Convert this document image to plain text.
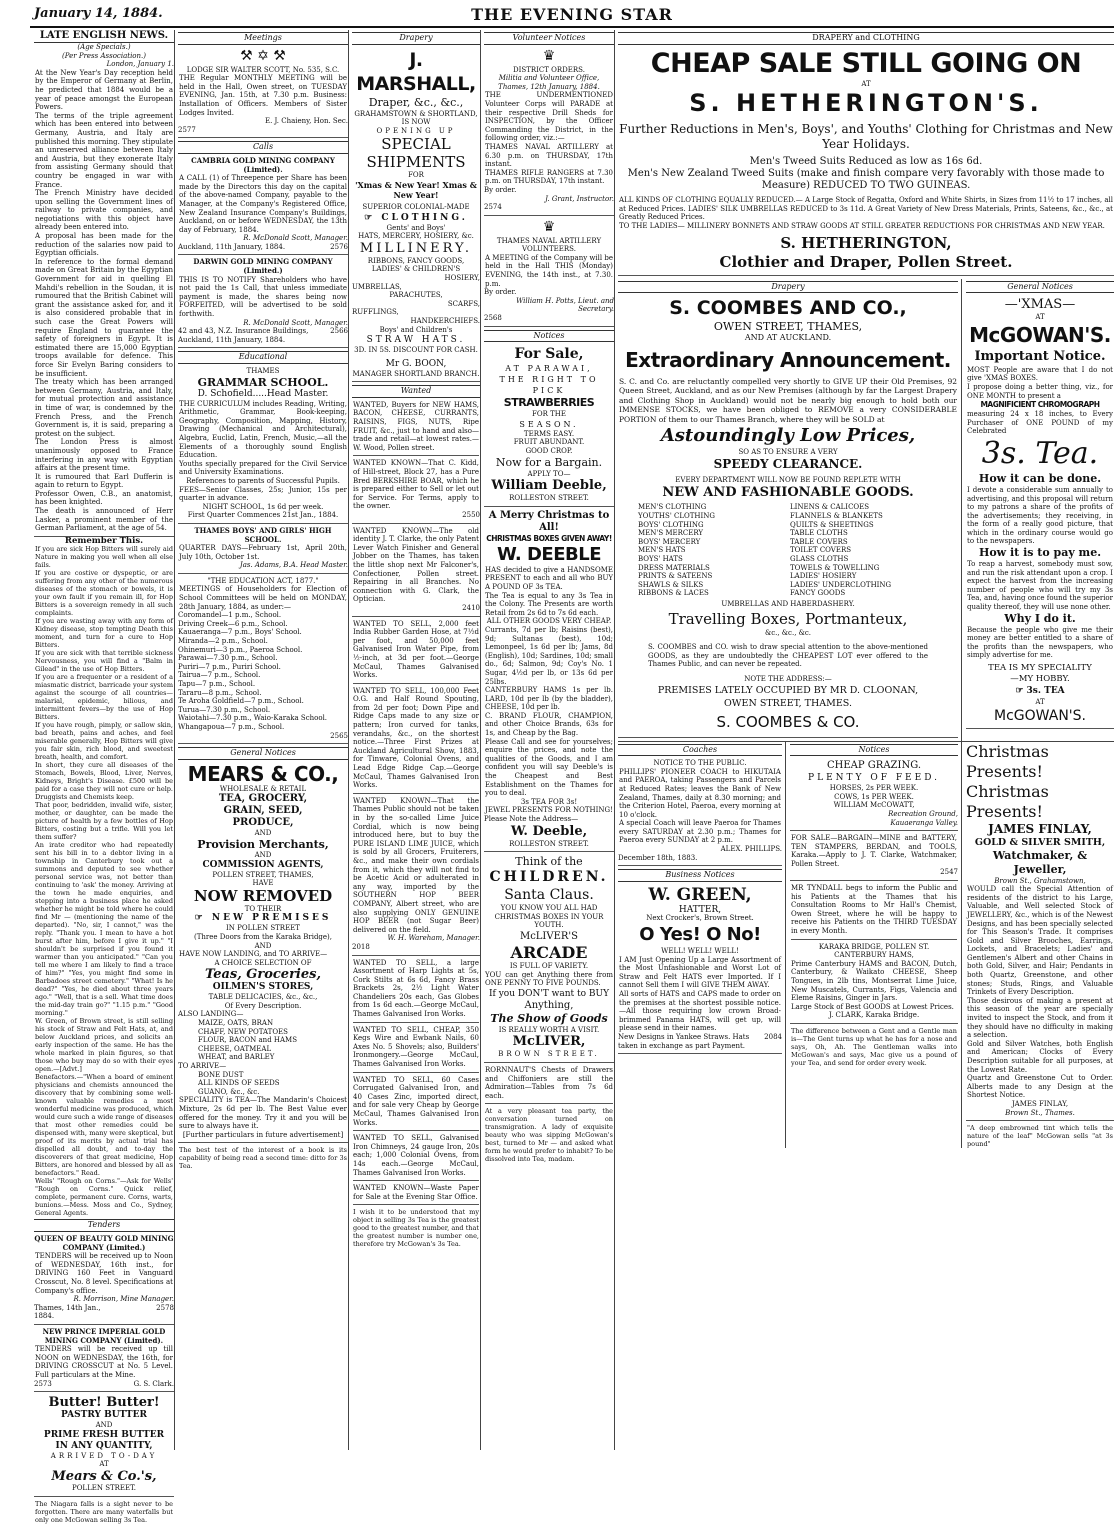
January 14, 1884.	THE EVENING STAR
LATE ENGLISH NEWS.
(Age Specials.)
(Per Press Association.)
London, January 1.
At the New Year's Day reception held by the Emperor of Germany at Berlin, he predicted that 1884 would be a year of peace amongst the European Powers.
The terms of the triple agreement which has been entered into between Germany, Austria, and Italy are published this morning. They stipulate an unreserved alliance between Italy and Austria, but they exonerate Italy from assisting Germany should that country be engaged in war with France.
The French Ministry have decided upon selling the Government lines of railway to private companies, and negotiations with this object have already been entered into.
A proposal has been made for the reduction of the salaries now paid to Egyptian officials.
In reference to the formal demand made on Great Britain by the Egyptian Government for aid in quelling El Mahdi's rebellion in the Soudan, it is rumoured that the British Cabinet will grant the assistance asked for, and it is also considered probable that in such case the Great Powers will require England to guarantee the safety of foreigners in Egypt. It is estimated there are 15,000 Egyptian troops available for defence. This force Sir Evelyn Baring considers to be insufficient.
The treaty which has been arranged between Germany, Austria, and Italy, for mutual protection and assistance in time of war, is condemned by the French Press, and the French Government is, it is said, preparing a protest on the subject.
The London Press is almost unanimously opposed to France interfering in any way with Egyptian affairs at the present time.
It is rumoured that Earl Dufferin is again to return to Egypt.
Professor Owen, C.B., an anatomist, has been knighted.
The death is announced of Herr Lasker, a prominent member of the German Parliament, at the age of 54.
Remember This.
If you are sick Hop Bitters will surely aid Nature in making you well when all else fails.
If you are costive or dyspeptic, or are suffering from any other of the numerous diseases of the stomach or bowels, it is your own fault if you remain ill, for Hop Bitters is a sovereign remedy in all such complaints.
If you are wasting away with any form of Kidney disease, stop tempting Death this moment, and turn for a cure to Hop Bitters.
If you are sick with that terrible sickness Nervousness, you will find a "Balm in Gilead" in the use of Hop Bitters.
If you are a frequenter or a resident of a miasmatic district, barricade your system against the scourge of all countries—malarial, epidemic, bilious, and intermittent fevers—by the use of Hop Bitters.
If you have rough, pimply, or sallow skin, bad breath, pains and aches, and feel miserable generally, Hop Bitters will give you fair skin, rich blood, and sweetest breath, health, and comfort.
In short, they cure all diseases of the Stomach, Bowels, Blood, Liver, Nerves, Kidneys, Bright's Disease. £500 will be paid for a case they will not cure or help. Druggists and Chemists keep.
That poor, bedridden, invalid wife, sister, mother, or daughter, can be made the picture of health by a few bottles of Hop Bitters, costing but a trifle. Will you let them suffer?
An irate creditor who had repeatedly sent his bill in to a debtor living in a township in Canterbury took out a summons and deputed to see whether personal service was, not better than continuing to 'ask' the money. Arriving at the town he made enquiries, and stepping into a business place he asked whether he might be told where he could find Mr — (mentioning the name of the departed). "No, sir, I cannot," was the reply. "Thank you. I mean to have a hot burst after him, before I give it up." "I shouldn't be surprised if you found it warmer than you anticipated." "Can you tell me where I am likely to find a trace of him?" "Yes, you might find some in Barbadoes street cemetery." "What! Is he dead?" "Yes, he died about three years ago." "Well, that is a sell. What time does the mid-day train go?" "1.15 p.m." "Good morning."
W. Green, of Brown street, is still selling his stock of Straw and Felt Hats, at, and below Auckland prices, and solicits an early inspection of the same. He has the whole marked in plain figures, so that those who buy may do so with their eyes open.—[Advt.]
Benefactors.—"When a board of eminent physicians and chemists announced the discovery that by combining some well-known valuable remedies a most wonderful medicine was produced, which would cure such a wide range of diseases that most other remedies could be dispensed with, many were skeptical, but proof of its merits by actual trial has dispelled all doubt, and to-day the discoverers of that great medicine, Hop Bitters, are honored and blessed by all as benefactors." Read.
Wells' "Rough on Corns."—Ask for Wells' "Rough on Corns." Quick relief, complete, permanent cure. Corns, warts, bunions.—Mess. Moss and Co., Sydney, General Agents.
Tenders
QUEEN OF BEAUTY GOLD MINING COMPANY (Limited.)
TENDERS will be received up to Noon of WEDNESDAY, 16th inst., for DRIVING 160 Feet in Vanguard Crosscut, No. 8 level. Specifications at Company's office.
R. Morrison, Mine Manager.
Thames, 14th Jan., 1884.
2578
NEW PRINCE IMPERIAL GOLD MINING COMPANY (Limited).
TENDERS will be received up till NOON on WEDNESDAY, the 16th, for DRIVING CROSSCUT at No. 5 Level. Full particulars at the Mine.
2573	G. S. Clark.
Butter! Butter!
PASTRY BUTTER
AND
PRIME FRESH BUTTER
IN ANY QUANTITY,
ARRIVED TO-DAY
AT
Mears & Co.'s,
POLLEN STREET.
The Niagara falls is a sight never to be forgotten. There are many waterfalls but only one McGowan selling 3s Tea.
Meetings
⚒ ✡ ⚒
LODGE SIR WALTER SCOTT, No. 535, S.C.
THE Regular MONTHLY MEETING will be held in the Hall, Owen street, on TUESDAY EVENING, Jan. 15th, at 7.30 p.m. Business: Installation of Officers. Members of Sister Lodges Invited.
E. J. Chaieny, Hon. Sec.
2577
Calls
CAMBRIA GOLD MINING COMPANY (Limited).
A CALL (1) of Threepence per Share has been made by the Directors this day on the capital of the above-named Company, payable to the Manager, at the Company's Registered Office, New Zealand Insurance Company's Buildings, Auckland, on or before WEDNESDAY, the 13th day of February, 1884.
R. McDonald Scott, Manager.
Auckland, 11th January, 1884.	2576
DARWIN GOLD MINING COMPANY (Limited.)
THIS IS TO NOTIFY Shareholders who have not paid the 1s Call, that unless immediate payment is made, the shares being now FORFEITED, will be advertised to be sold forthwith.
R. McDonald Scott, Manager.
42 and 43, N.Z. Insurance Buildings, Auckland, 11th January, 1884.
2566
Educational
THAMES
GRAMMAR SCHOOL.
D. Schofield.....Head Master.
THE CURRICULUM includes Reading, Writing, Arithmetic, Grammar, Book-keeping, Geography, Composition, Mapping, History, Drawing (Mechanical and Architectural), Algebra, Euclid, Latin, French, Music,—all the Elements of a thoroughly sound English Education.
Youths specially prepared for the Civil Service and University Examinations.
References to parents of Successful Pupils.
FEES—Senior Classes, 25s; Junior, 15s per quarter in advance.
NIGHT SCHOOL, 1s 6d per week.
First Quarter Commences 21st Jan., 1884.
THAMES BOYS' AND GIRLS' HIGH SCHOOL.
QUARTER DAYS—February 1st, April 20th, July 10th, October 1st.
Jas. Adams, B.A. Head Master.
"THE EDUCATION ACT, 1877."
MEETINGS of Householders for Election of School Committees will be held on MONDAY, 28th January, 1884, as under:—
Coromandel—1 p.m., School.
Driving Creek—6 p.m., School.
Kauaeranga—7 p.m., Boys' School.
Miranda—2 p.m., School.
Ohinemuri—3 p.m., Paeroa School.
Parawai—7.30 p.m., School.
Puriri—7 p.m., Puriri School.
Tairua—7 p.m., School.
Tapu—7 p.m., School.
Tararu—8 p.m., School.
Te Aroha Goldfield—7 p.m., School.
Turua—7.30 p.m., School.
Waiotahi—7.30 p.m., Waio-Karaka School.
Whangapoua—7 p.m., School.
2565
General Notices
MEARS & CO.,
WHOLESALE & RETAIL
TEA, GROCERY,
GRAIN, SEED,
PRODUCE,
AND
Provision Merchants,
AND
COMMISSION AGENTS,
POLLEN STREET, THAMES,
HAVE
NOW REMOVED
TO THEIR
☞ NEW PREMISES
IN POLLEN STREET
(Three Doors from the Karaka Bridge),
AND
HAVE NOW LANDING, and TO ARRIVE—
A CHOICE SELECTION OF
Teas, Groceries,
OILMEN'S STORES,
TABLE DELICACIES, &c., &c.,
Of Every Description.
ALSO LANDING—
MAIZE, OATS, BRAN
CHAFF, NEW POTATOES
FLOUR, BACON and HAMS
CHEESE, OATMEAL
WHEAT, and BARLEY
TO ARRIVE—
BONE DUST
ALL KINDS OF SEEDS
GUANO, &c., &c.
SPECIALITY is TEA—The Mandarin's Choicest Mixture, 2s 6d per lb. The Best Value ever offered for the money. Try it and you will be sure to always have it.
[Further particulars in future advertisement]
The best test of the interest of a book is its capability of being read a second time: ditto for 3s Tea.
Drapery
J. MARSHALL,
Draper, &c., &c.,
GRAHAMSTOWN & SHORTLAND,
IS NOW
OPENING UP
SPECIAL
SHIPMENTS
FOR
'Xmas & New Year! Xmas & New Year!
SUPERIOR COLONIAL-MADE
☞ CLOTHING.
Gents' and Boys'
HATS, MERCERY, HOSIERY, &c.
MILLINERY.
RIBBONS, FANCY GOODS,
LADIES' & CHILDREN'S
HOSIERY,
UMBRELLAS,
PARACHUTES,
SCARFS,
RUFFLINGS,
HANDKERCHIEFS.
Boys' and Children's
STRAW HATS.
3D. IN 5S. DISCOUNT FOR CASH.
Mr G. BOON,
MANAGER SHORTLAND BRANCH.
Wanted
WANTED, Buyers for NEW HAMS, BACON, CHEESE, CURRANTS, RAISINS, FIGS, NUTS, Ripe FRUIT, &c., just to hand and also—trade and retail—at lowest rates.—W. Wood, Pollen street.
WANTED KNOWN—That C. Kidd, of Hill-street, Block 27, has a Pure Bred BERKSHIRE BOAR, which he is prepared either to Sell or let out for Service. For Terms, apply to the owner.
2550
WANTED KNOWN—The old identity J. T. Clarke, the only Patent Lever Watch Finisher and General Jobber on the Thames, has taken the little shop next Mr Falconer's, Confectioner, Pollen street. Repairing in all Branches. No connection with G. Clark, the Optician.
2410
WANTED TO SELL, 2,000 feet India Rubber Garden Hose, at 7½d per foot, and 50,000 feet Galvanised Iron Water Pipe, from ½-inch, at 3d per foot.—George McCaul, Thames Galvanised Works.
WANTED TO SELL, 100,000 Feet O.G. and Half Round Spouting, from 2d per foot; Down Pipe and Ridge Caps made to any size or pattern; Iron curved for tanks, verandahs, &c., on the shortest notice.—Three First Prizes at Auckland Agricultural Show, 1883, for Tinware, Colonial Ovens, and Lead Edge Ridge Cap.—George McCaul, Thames Galvanised Iron Works.
WANTED KNOWN—That the Thames Public should not be taken in by the so-called Lime Juice Cordial, which is now being introduced here, but to buy the PURE ISLAND LIME JUICE, which is sold by all Grocers, Fruiterers, &c., and make their own cordials from it, which they will not find to be Acetic Acid or adulterated in any way, imported by the SOUTHERN HOP BEER COMPANY, Albert street, who are also supplying ONLY GENUINE HOP BEER (not Sugar Beer) delivered on the field.
W. H. Wareham, Manager.
2018
WANTED TO SELL, a large Assortment of Harp Lights at 5s, Cork Stilts at 6s 6d, Fancy Brass Brackets 2s, 2½ Light Water Chandeliers 20s each, Gas Globes from 1s 6d each.—George McCaul, Thames Galvanised Iron Works.
WANTED TO SELL, CHEAP, 350 Kegs Wire and Ewbank Nails, 60 Axes No. 5 Shovels; also, Builders' Ironmongery.—George McCaul, Thames Galvanised Iron Works.
WANTED TO SELL, 60 Cases Corrugated Galvanised Iron, and 40 Cases Zinc, imported direct, and for sale very Cheap by George McCaul, Thames Galvanised Iron Works.
WANTED TO SELL, Galvanised Iron Chimneys, 24 gauge Iron, 20s each; 1,000 Colonial Ovens, from 14s each.—George McCaul, Thames Galvanised Iron Works.
WANTED KNOWN—Waste Paper for Sale at the Evening Star Office.
I wish it to be understood that my object in selling 3s Tea is the greatest good to the greatest number, and that the greatest number is number one, therefore try McGowan's 3s Tea.
Volunteer Notices
♛
DISTRICT ORDERS.
Militia and Volunteer Office, Thames, 12th January, 1884.
THE UNDERMENTIONED Volunteer Corps will PARADE at their respective Drill Sheds for INSPECTION, by the Officer Commanding the District, in the following order, viz.:—
THAMES NAVAL ARTILLERY at 6.30 p.m. on THURSDAY, 17th instant.
THAMES RIFLE RANGERS at 7.30 p.m. on THURSDAY, 17th instant.
By order.
J. Grant, Instructor.
2574
♛
THAMES NAVAL ARTILLERY VOLUNTEERS.
A MEETING of the Company will be held in the Hall THIS (Monday) EVENING, the 14th inst., at 7.30. p.m.
By order.
William H. Potts, Lieut. and Secretary.
2568
Notices
For Sale,
AT PARAWAI,
THE RIGHT TO PICK
STRAWBERRIES
FOR THE
SEASON.
TERMS EASY.
FRUIT ABUNDANT.
GOOD CROP.
Now for a Bargain.
APPLY TO—
William Deeble,
ROLLESTON STREET.
A Merry Christmas to All!
CHRISTMAS BOXES GIVEN AWAY!
W. DEEBLE
HAS decided to give a HANDSOME PRESENT to each and all who BUY A POUND OF 3s TEA.
The Tea is equal to any 3s Tea in the Colony. The Presents are worth Retail from 2s 6d to 7s 6d each.
ALL OTHER GOODS VERY CHEAP.
Currants, 7d per lb; Raisins (best), 9d; Sultanas (best), 10d; Lemonpeel, 1s 6d per lb; Jams, 8d (English), 10d; Sardines, 10d; small do., 6d; Salmon, 9d; Coy's No. 1 Sugar, 4½d per lb, or 13s 6d per 25lbs.
CANTERBURY HAMS 1s per lb. LARD, 10d per lb (by the bladder), CHEESE, 10d per lb.
C. BRAND FLOUR, CHAMPION, and other Choice Brands, 63s for 1s, and Cheap by the Bag.
Please Call and see for yourselves; enquire the prices, and note the qualities of the Goods, and I am confident you will say Deeble's is the Cheapest and Best Establishment on the Thames for you to deal.
3s TEA FOR 3s!
JEWEL PRESENTS FOR NOTHING!
Please Note the Address—
W. Deeble,
ROLLESTON STREET.
Think of the
CHILDREN.
Santa Claus.
YOU KNOW YOU ALL HAD CHRISTMAS BOXES IN YOUR YOUTH.
McLIVER'S
ARCADE
IS FULL OF VARIETY.
YOU can get Anything there from ONE PENNY TO FIVE POUNDS.
If you DON'T want to BUY
Anything,
The Show of Goods
IS REALLY WORTH A VISIT.
McLIVER,
BROWN STREET.
RORNNAUT'S Chests of Drawers and Chiffoniers are still the Admiration—Tables from 7s 6d each.
At a very pleasant tea party, the conversation turned on transmigration. A lady of exquisite beauty who was sipping McGowan's best, turned to Mr — and asked what form he would prefer to inhabit? To be dissolved into Tea, madam.
DRAPERY and CLOTHING
CHEAP SALE STILL GOING ON
AT
S. HETHERINGTON'S.
Further Reductions in Men's, Boys', and Youths' Clothing for Christmas and New Year Holidays.
Men's Tweed Suits Reduced as low as 16s 6d.
Men's New Zealand Tweed Suits (make and finish compare very favorably with those made to Measure) REDUCED TO TWO GUINEAS.
ALL KINDS OF CLOTHING EQUALLY REDUCED.— A Large Stock of Regatta, Oxford and White Shirts, in Sizes from 11½ to 17 inches, all at Reduced Prices. LADIES' SILK UMBRELLAS REDUCED to 3s 11d. A Great Variety of New Dress Materials, Prints, Sateens, &c., &c., at Greatly Reduced Prices.
TO THE LADIES— MILLINERY BONNETS AND STRAW GOODS AT STILL GREATER REDUCTIONS FOR CHRISTMAS AND NEW YEAR.
S. HETHERINGTON,
Clothier and Draper, Pollen Street.
Drapery
S. COOMBES AND CO.,
OWEN STREET, THAMES,
AND AT AUCKLAND.
Extraordinary Announcement.
S. C. and Co. are reluctantly compelled very shortly to GIVE UP their Old Premises, 92 Queen Street, Auckland, and as our New Premises (although by far the Largest Drapery and Clothing Shop in Auckland) would not be nearly big enough to hold both our IMMENSE STOCKS, we have been obliged to REMOVE a very CONSIDERABLE PORTION of them to our Thames Branch, where they will be SOLD at
Astoundingly Low Prices,
SO AS TO ENSURE A VERY
SPEEDY CLEARANCE.
EVERY DEPARTMENT WILL NOW BE FOUND REPLETE WITH
NEW AND FASHIONABLE GOODS.
MEN'S CLOTHING
YOUTHS' CLOTHING
BOYS' CLOTHING
MEN'S MERCERY
BOYS' MERCERY
MEN'S HATS
BOYS' HATS
DRESS MATERIALS
PRINTS & SATEENS
SHAWLS & SILKS
RIBBONS & LACES
LINENS & CALICOES
FLANNELS & BLANKETS
QUILTS & SHEETINGS
TABLE CLOTHS
TABLE COVERS
TOILET COVERS
GLASS CLOTHS
TOWELS & TOWELLING
LADIES' HOSIERY
LADIES' UNDERCLOTHING
FANCY GOODS
UMBRELLAS AND HABERDASHERY.
Travelling Boxes, Portmanteux,
&c., &c., &c.
S. COOMBES and CO. wish to draw special attention to the above-mentioned GOODS, as they are undoubtedly the CHEAPEST LOT ever offered to the Thames Public, and can never be repeated.
NOTE THE ADDRESS:—
PREMISES LATELY OCCUPIED BY MR D. CLOONAN,
OWEN STREET, THAMES.
S. COOMBES & CO.
General Notices
—'XMAS—
AT
McGOWAN'S.
Important Notice.
MOST People are aware that I do not give 'XMAS BOXES.
I propose doing a better thing, viz., for ONE MONTH to present a
MAGNIFICIENT CHROMOGRAPH
measuring 24 x 18 inches, to Every Purchaser of ONE POUND of my Celebrated
3s. Tea.
How it can be done.
I devote a considerable sum annually to advertising, and this proposal will return to my patrons a share of the profits of the advertisements; they receiving, in the form of a really good picture, that which in the ordinary course would go to the newspapers.
How it is to pay me.
To reap a harvest, somebody must sow, and run the risk attendant upon a crop. I expect the harvest from the increasing number of people who will try my 3s Tea, and, having once found the superior quality thereof, they will use none other.
Why I do it.
Because the people who give me their money are better entitled to a share of the profits than the newspapers, who simply advertise for me.
TEA IS MY SPECIALITY
—MY HOBBY.
☞ 3s. TEA
AT
McGOWAN'S.
Coaches
NOTICE TO THE PUBLIC.
PHILLIPS' PIONEER COACH to HIKUTAIA and PAEROA, taking Passengers and Parcels at Reduced Rates; leaves the Bank of New Zealand, Thames, daily at 8.30 morning; and the Criterion Hotel, Paeroa, every morning at 10 o'clock.
A special Coach will leave Paeroa for Thames every SATURDAY at 2.30 p.m.; Thames for Paeroa every SUNDAY at 2 p.m.
ALEX. PHILLIPS.
December 18th, 1883.
Business Notices
W. GREEN,
HATTER,
Next Crocker's, Brown Street.
O Yes! O No!
WELL! WELL! WELL!
I AM Just Opening Up a Large Assortment of the Most Unfashionable and Worst Lot of Straw and Felt HATS ever Imported. If I cannot Sell them I will GIVE THEM AWAY.
All sorts of HATS and CAPS made to order on the premises at the shortest possible notice.—All those requiring low crown Broad-brimmed Panama HATS, will get up, will please send in their names.
New Designs in Yankee Straws. Hats taken in exchange as part Payment.
2084
Notices
CHEAP GRAZING.
PLENTY OF FEED.
HORSES, 2s PER WEEK.
COWS, 1s PER WEEK.
WILLIAM McCOWATT,
Recreation Ground,
Kauaeranga Valley.
FOR SALE—BARGAIN—MINE and BATTERY, TEN STAMPERS, BERDAN, and TOOLS, Karaka.—Apply to J. T. Clarke, Watchmaker, Pollen Street.
2547
MR TYNDALL begs to inform the Public and his Patients at the Thames that his Consultation Rooms to Mr Hall's Chemist, Owen Street, where he will be happy to receive his Patients on the THIRD TUESDAY in every Month.
KARAKA BRIDGE, POLLEN ST.
CANTERBURY HAMS,
Prime Canterbury HAMS and BACON, Dutch, Canterbury, & Waikato CHEESE, Sheep Tongues, in 2lb tins, Montserrat Lime Juice, New Muscatels, Currants, Figs, Valencia and Eleme Raisins, Ginger in Jars.
Large Stock of Best GOODS at Lowest Prices.
J. CLARK, Karaka Bridge.
The difference between a Gent and a Gentle man is—The Gent turns up what he has for a nose and says, Oh, Ah. The Gentleman walks into McGowan's and says, Mac give us a pound of your Tea, and send for order every week.
Christmas Presents!
Christmas Presents!
JAMES FINLAY,
GOLD & SILVER SMITH,
Watchmaker, &
Jeweller,
Brown St., Grahamstown,
WOULD call the Special Attention of residents of the district to his Large, Valuable, and Well selected Stock of JEWELLERY, &c., which is of the Newest Designs, and has been specially selected for This Season's Trade. It comprises Gold and Silver Brooches, Earrings, Lockets, and Bracelets; Ladies' and Gentlemen's Albert and other Chains in both Gold, Silver, and Hair; Pendants in both Quartz, Greenstone, and other stones; Studs, Rings, and Valuable Trinkets of Every Description.
Those desirous of making a present at this season of the year are specially invited to inspect the Stock, and from it they should have no difficulty in making a selection.
Gold and Silver Watches, both English and American; Clocks of Every Description suitable for all purposes, at the Lowest Rate.
Quartz and Greenstone Cut to Order. Alberts made to any Design at the Shortest Notice.
JAMES FINLAY,
Brown St., Thames.
"A deep embrowned tint which tells the nature of the leaf" McGowan sells "at 3s pound"
